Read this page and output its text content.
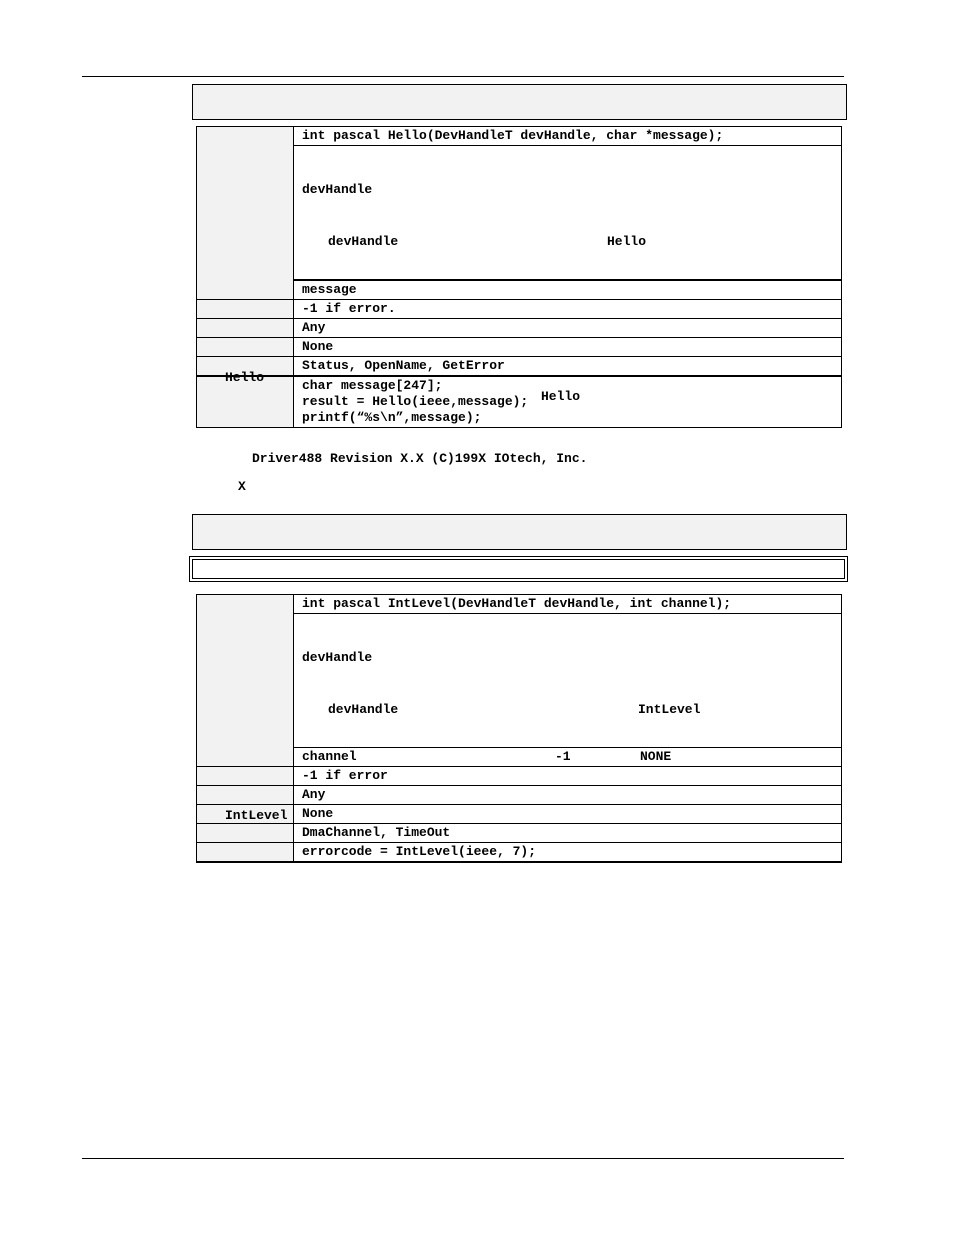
	int pascal Hello(DevHandleT devHandle, char *message);

	devHandle

devHandle

Hello

	message
	-1 if error.
	Any
	None
	Status, OpenName, GetError
	char message[247];
result = Hello(ieee,message);
printf(“%s\n”,message);
Hello
Hello
Driver488 Revision X.X (C)199X IOtech, Inc.
X
	int pascal IntLevel(DevHandleT devHandle, int channel);

	devHandle

devHandle

IntLevel

	channel -1 NONE

	-1 if error
	Any
	None
	DmaChannel, TimeOut
	errorcode = IntLevel(ieee, 7);
IntLevel
